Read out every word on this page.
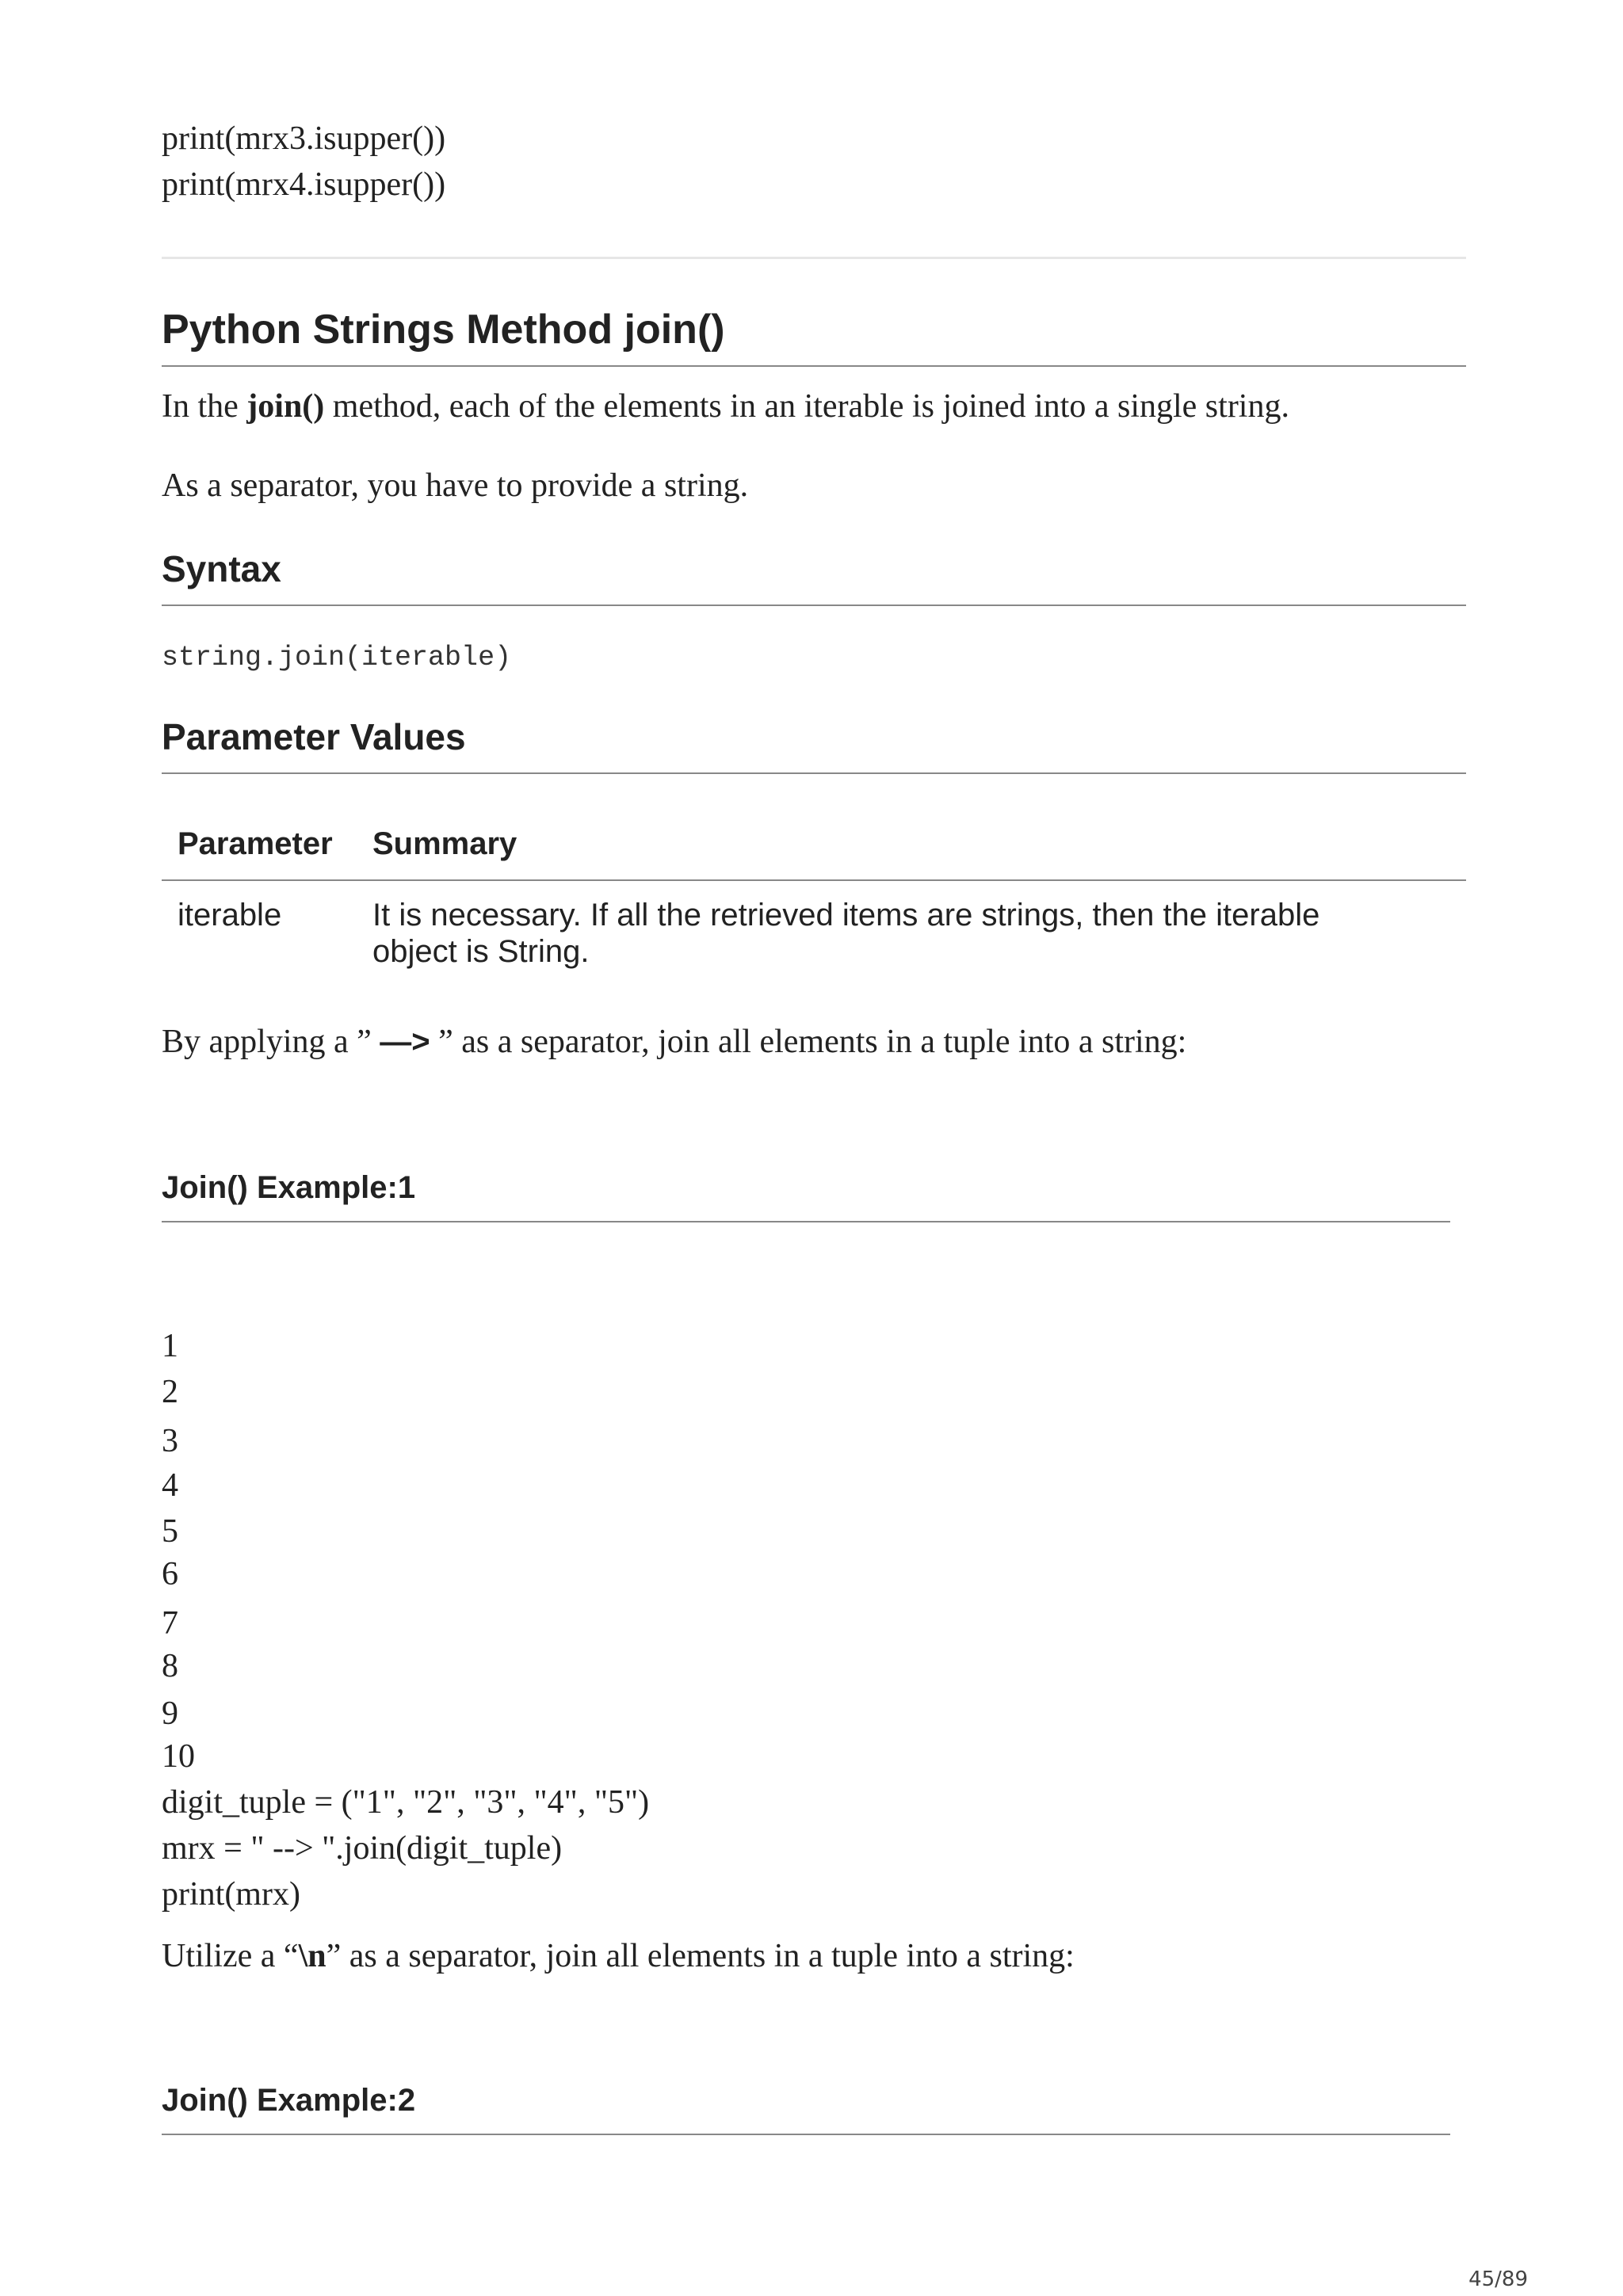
print(mrx3.isupper())
print(mrx4.isupper())
Python Strings Method join()
In the join() method, each of the elements in an iterable is joined into a single string.
As a separator, you have to provide a string.
Syntax
string.join(iterable)
Parameter Values
Parameter Summary
iterable	It is necessary. If all the retrieved items are strings, then the iterable
object is String.
By applying a ” —> ” as a separator, join all elements in a tuple into a string:
Join() Example:1
1
2
3
4
5
6
7
8
9
10
digit_tuple = ("1", "2", "3", "4", "5")
mrx = " --> ".join(digit_tuple)
print(mrx)
Utilize a “\n” as a separator, join all elements in a tuple into a string:
Join() Example:2
45/89
